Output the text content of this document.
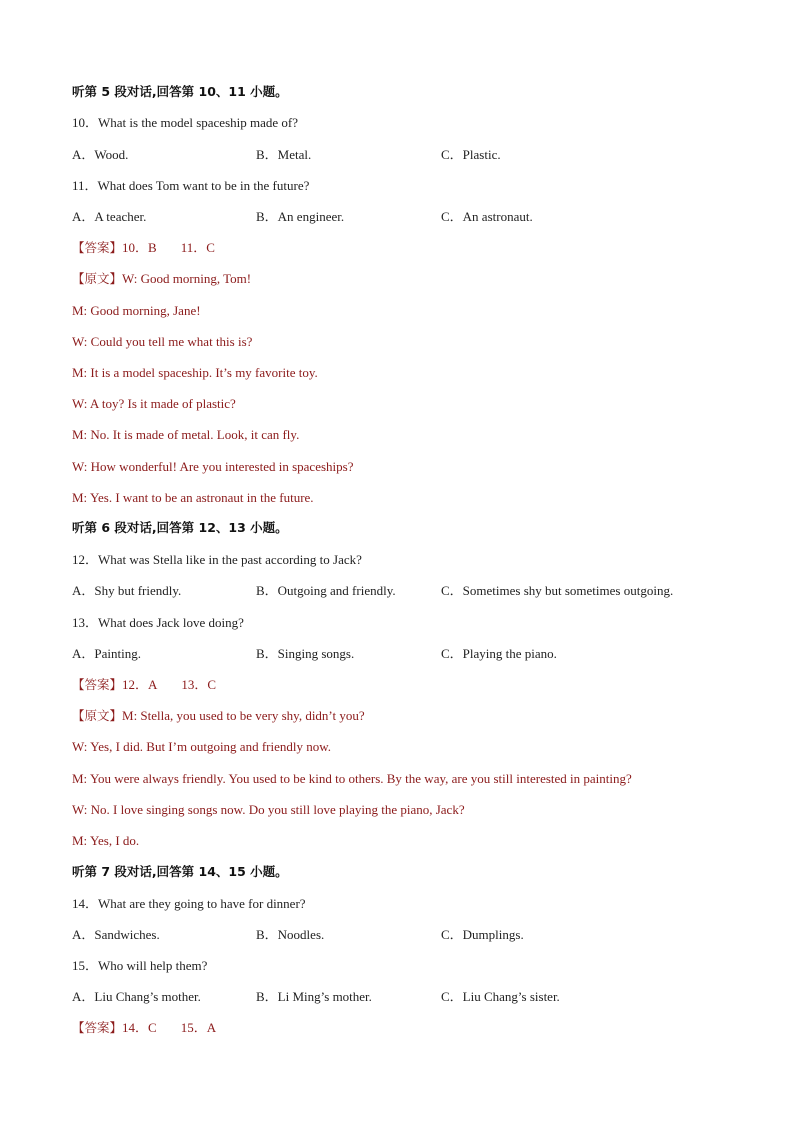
听第 5 段对话,回答第 10、11 小题。
10．What is the model spaceship made of?
A．Wood.	B．Metal.	C．Plastic.
11．What does Tom want to be in the future?
A．A teacher.	B．An engineer.	C．An astronaut.
【答案】10．B 11．C
【原文】W: Good morning, Tom!
M: Good morning, Jane!
W: Could you tell me what this is?
M: It is a model spaceship. It’s my favorite toy.
W: A toy? Is it made of plastic?
M: No. It is made of metal. Look, it can fly.
W: How wonderful! Are you interested in spaceships?
M: Yes. I want to be an astronaut in the future.
听第 6 段对话,回答第 12、13 小题。
12．What was Stella like in the past according to Jack?
A．Shy but friendly.	B．Outgoing and friendly.	C．Sometimes shy but sometimes outgoing.
13．What does Jack love doing?
A．Painting.	B．Singing songs.	C．Playing the piano.
【答案】12．A 13．C
【原文】M: Stella, you used to be very shy, didn’t you?
W: Yes, I did. But I’m outgoing and friendly now.
M: You were always friendly. You used to be kind to others. By the way, are you still interested in painting?
W: No. I love singing songs now. Do you still love playing the piano, Jack?
M: Yes, I do.
听第 7 段对话,回答第 14、15 小题。
14．What are they going to have for dinner?
A．Sandwiches.	B．Noodles.	C．Dumplings.
15．Who will help them?
A．Liu Chang’s mother.	B．Li Ming’s mother.	C．Liu Chang’s sister.
【答案】14．C 15．A
